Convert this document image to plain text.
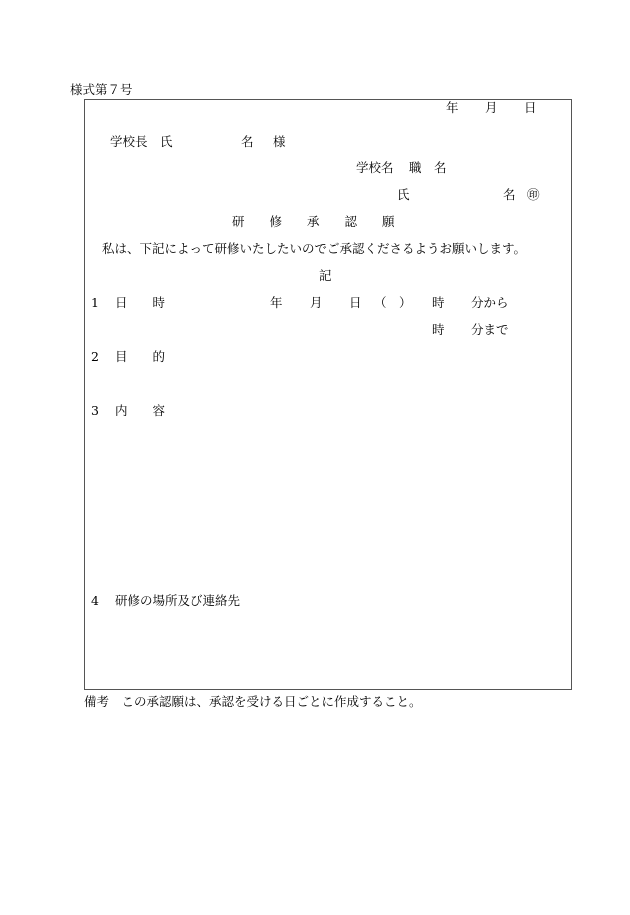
様式第７号
年 月 日
学校長　氏	名 様
学校名 職　名
氏	名 ㊞
研　　修　　承　　認　　願
私は、下記によって研修いたしたいのでご承認くださるようお願いします。
記
1 日　　時	年 月 日 （　） 時 分から
時 分まで
2 目　　的
3 内　　容
4 研修の場所及び連絡先
備考　この承認願は、承認を受ける日ごとに作成すること。
